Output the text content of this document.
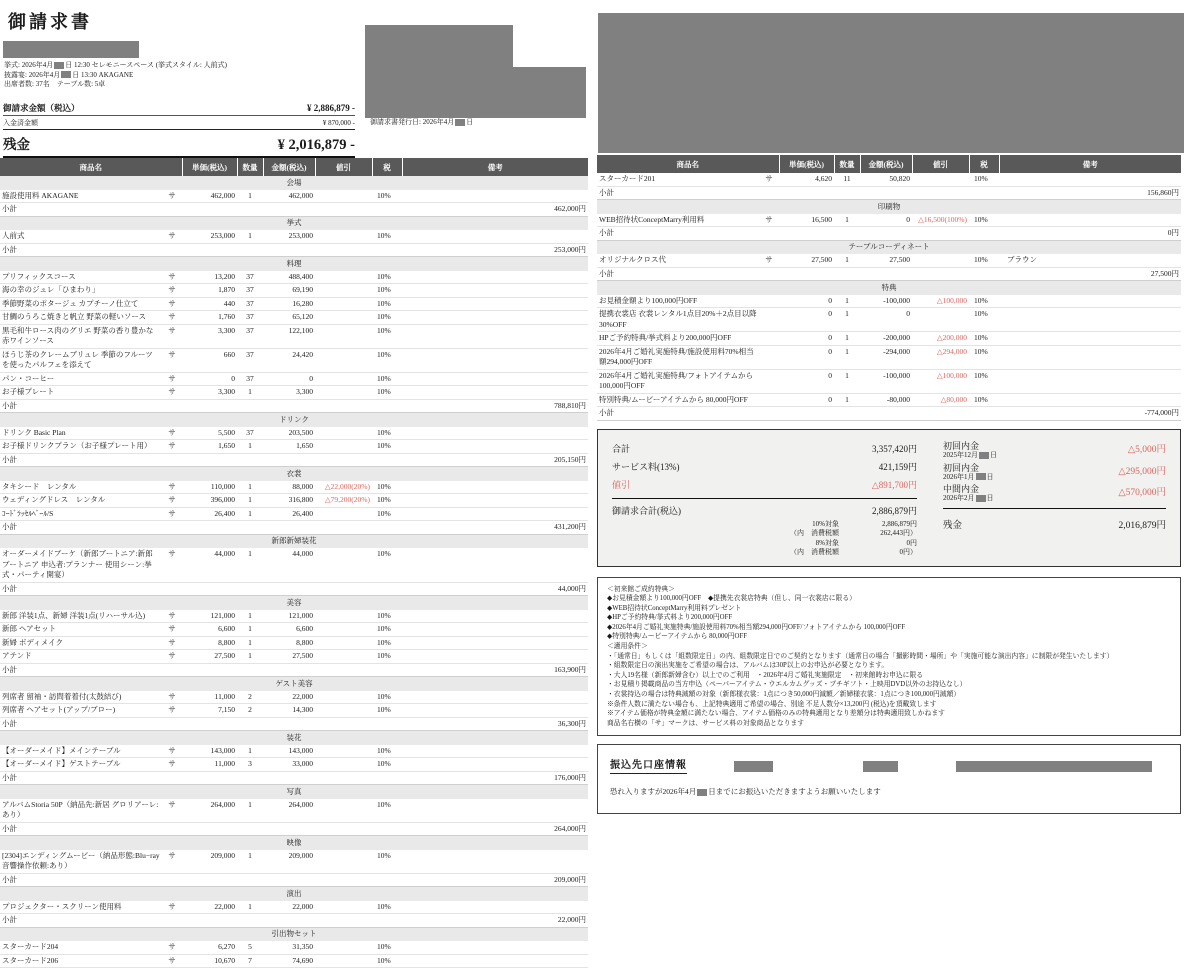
御請求書
挙式: 2026年4月 日 12:30 セレモニースペース (挙式スタイル: 人前式)
披露宴: 2026年4月 日 13:30 AKAGANE
出席者数: 37名　テーブル数: 5卓
御請求金額（税込）	¥ 2,886,879 -
入金済金額	¥ 870,000 -
残金	¥ 2,016,879 -
御請求書発行日: 2026年4月 日
商品名		単価(税込)	数量	金額(税込)	値引	税	備考
会場							
施設使用料 AKAGANE	サ	462,000	1	462,000		10%	
小計							462,000円
挙式							
人前式	サ	253,000	1	253,000		10%	
小計							253,000円
料理							
プリフィックスコース	サ	13,200	37	488,400		10%	
海の幸のジュレ「ひまわり」	サ	1,870	37	69,190		10%	
季節野菜のポタージュ カプチーノ仕立て	サ	440	37	16,280		10%	
甘鯛のうろこ焼きと帆立 野菜の軽いソース	サ	1,760	37	65,120		10%	
黒毛和牛ロース肉のグリエ 野菜の香り豊かな赤ワインソース	サ	3,300	37	122,100		10%	
ほうじ茶のクレームブリュレ 季節のフルーツを使ったパルフェを添えて	サ	660	37	24,420		10%	
パン・コーヒー	サ	0	37	0		10%	
お子様プレート	サ	3,300	1	3,300		10%	
小計							788,810円
ドリンク							
ドリンク Basic Plan	サ	5,500	37	203,500		10%	
お子様ドリンクプラン（お子様プレート用）	サ	1,650	1	1,650		10%	
小計							205,150円
衣裳							
タキシード　レンタル	サ	110,000	1	88,000	△22,000(20%)	10%	
ウェディングドレス　レンタル	サ	396,000	1	316,800	△79,200(20%)	10%	
ｺｰﾄﾞﾗｯｾﾙﾍﾞｰﾙ/S	サ	26,400	1	26,400		10%	
小計							431,200円
新郎新婦装花							
オーダーメイドブーケ（新郎ブートニア:新郎ブートニア 申込者:プランナー 使用シーン:挙式・パーティ開宴）	サ	44,000	1	44,000		10%	
小計							44,000円
美容							
新郎 洋装1点、新婦 洋装1点(リハーサル込)	サ	121,000	1	121,000		10%	
新郎 ヘアセット	サ	6,600	1	6,600		10%	
新婦 ボディメイク	サ	8,800	1	8,800		10%	
アテンド	サ	27,500	1	27,500		10%	
小計							163,900円
ゲスト美容							
列席者 留袖・訪問着着付(太鼓結び)	サ	11,000	2	22,000		10%	
列席者 ヘアセット(アップ/ブロー)	サ	7,150	2	14,300		10%	
小計							36,300円
装花							
【オーダーメイド】メインテーブル	サ	143,000	1	143,000		10%	
【オーダーメイド】ゲストテーブル	サ	11,000	3	33,000		10%	
小計							176,000円
写真							
アルバムStoria 50P（納品先:新居 グロリアーレ:あり）	サ	264,000	1	264,000		10%	
小計							264,000円
映像							
[2304]エンディングムービー（納品形態:Blu−ray 音響操作依頼:あり）	サ	209,000	1	209,000		10%	
小計							209,000円
演出							
プロジェクター・スクリーン使用料	サ	22,000	1	22,000		10%	
小計							22,000円
引出物セット							
スターカード204	サ	6,270	5	31,350		10%	
スターカード206	サ	10,670	7	74,690		10%	
商品名		単価(税込)	数量	金額(税込)	値引	税	備考
スターカード201	サ	4,620	11	50,820		10%	
小計							156,860円
印刷物							
WEB招待状ConceptMarry利用料	サ	16,500	1	0	△16,500(100%)	10%	
小計							0円
テーブルコーディネート							
オリジナルクロス代	サ	27,500	1	27,500		10%	ブラウン
小計							27,500円
特典							
お見積金額より100,000円OFF		0	1	-100,000	△100,000	10%	
提携衣裳店 衣裳レンタル1点目20%＋2点目以降30%OFF		0	1	0		10%	
HPご予約特典/挙式料より200,000円OFF		0	1	-200,000	△200,000	10%	
2026年4月ご婚礼実施特典/施設使用料70%相当額294,000円OFF		0	1	-294,000	△294,000	10%	
2026年4月ご婚礼実施特典/フォトアイテムから100,000円OFF		0	1	-100,000	△100,000	10%	
特別特典/ムービーアイテムから 80,000円OFF		0	1	-80,000	△80,000	10%	
小計							-774,000円
合計	3,357,420円
サービス料(13%)	421,159円
値引	△891,700円
御請求合計(税込)	2,886,879円
10%対象	2,886,879円
（内　消費税額	262,443円）
8%対象	0円
（内　消費税額	0円）
初回内金
2025年12月 日	△5,000円
初回内金
2026年1月 日	△295,000円
中間内金
2026年2月 日	△570,000円
残金	2,016,879円
＜初来館ご成約特典＞
◆お見積金額より100,000円OFF　◆提携先衣裳店特典（但し、同一衣裳店に限る）
◆WEB招待状ConceptMarry利用料プレゼント
◆HPご予約特典/挙式料より200,000円OFF
◆2026年4月ご婚礼実施特典/施設使用料70%相当額294,000円OFF/フォトアイテムから 100,000円OFF
◆特別特典/ムービーアイテムから 80,000円OFF
＜適用条件＞
・「通常日」もしくは「組数限定日」の内、組数限定日でのご契約となります（通常日の場合「撮影時間・場所」や「実施可能な演出内容」に制限が発生いたします）
・組数限定日の演出実施をご希望の場合は、アルバムは30P以上のお申込が必要となります。
・大人19名様（新郎新婦含む）以上でのご利用　・2026年4月ご婚礼実施限定　・初来館時お申込に限る
・お見積り掲載商品の当方申込（ペーパーアイテム・ウエルカムグッズ・プチギフト・上映用DVD以外のお持込なし）
・衣裳持込の場合は特典減額の対象（新郎様衣裳：1点につき50,000円減額／新婦様衣裳：1点につき100,000円減額）
※条件人数に満たない場合も、上記特典適用ご希望の場合、別途 不足人数分×13,200円 (税込)を頂戴致します
※アイテム価格が特典金額に満たない場合、アイテム価格のみの特典適用となり差額分は特典適用致しかねます
商品名右横の「サ」マークは、サービス料の対象商品となります
振込先口座情報
恐れ入りますが2026年4月 日までにお振込いただきますようお願いいたします
